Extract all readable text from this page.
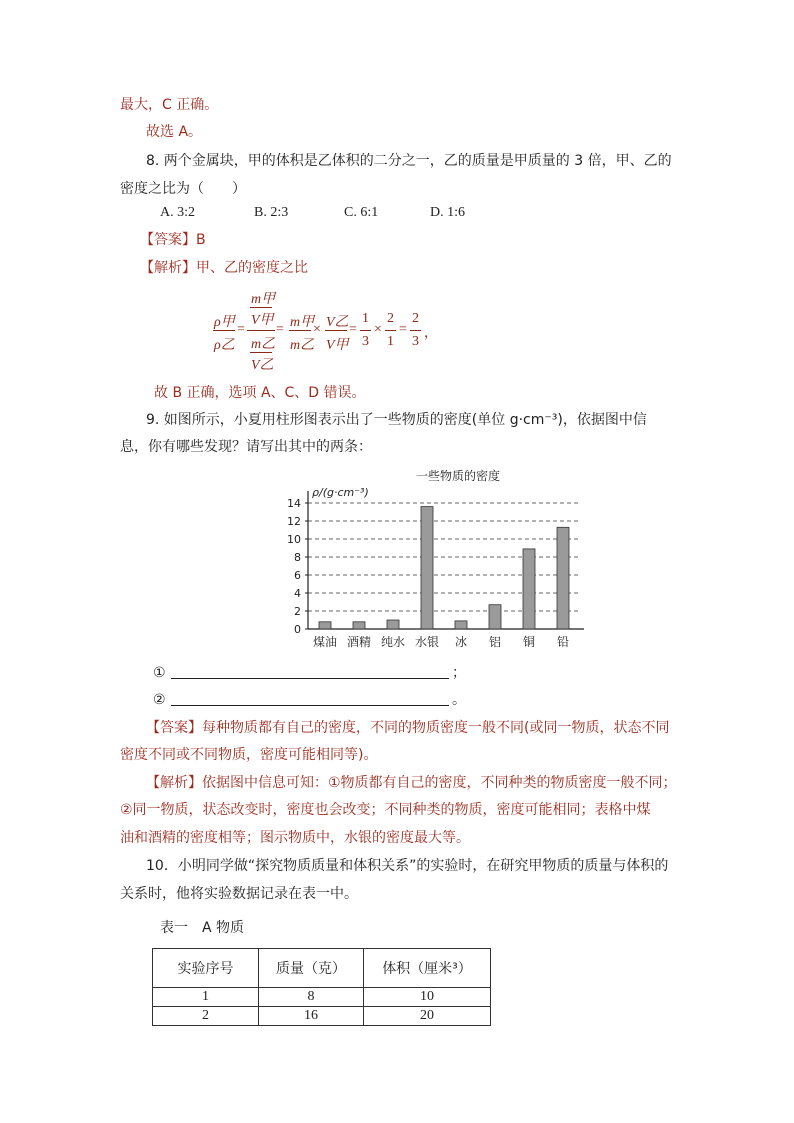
最大，C 正确。
故选 A。
8. 两个金属块，甲的体积是乙体积的二分之一，乙的质量是甲质量的 3 倍，甲、乙的
密度之比为（　　）
A. 3:2	B. 2:3	C. 6:1	D. 1:6
【答案】B
【解析】甲、乙的密度之比
ρ甲
ρ乙
=
m甲
V甲
m乙
V乙
= m甲
m乙
× V乙
V甲
=
1
3
×
2
1
=
2
3
，
故 B 正确，选项 A、C、D 错误。
9. 如图所示，小夏用柱形图表示出了一些物质的密度(单位 g·cm⁻³)，依据图中信
息，你有哪些发现？请写出其中的两条：
一些物质的密度
ρ/(g·cm⁻³)
0
2
4
6
8
10
12
14
煤油 酒精 纯水 水银 冰 铝 铜 铅
①	；
②	。
【答案】每种物质都有自己的密度，不同的物质密度一般不同(或同一物质，状态不同
密度不同或不同物质，密度可能相同等)。
【解析】依据图中信息可知：①物质都有自己的密度，不同种类的物质密度一般不同；
②同一物质，状态改变时，密度也会改变；不同种类的物质，密度可能相同；表格中煤
油和酒精的密度相等；图示物质中，水银的密度最大等。
10．小明同学做“探究物质质量和体积关系”的实验时，在研究甲物质的质量与体积的
关系时，他将实验数据记录在表一中。
表一　A 物质
实验序号	质量（克）	体积（厘米³）
1	8	10
2	16	20
